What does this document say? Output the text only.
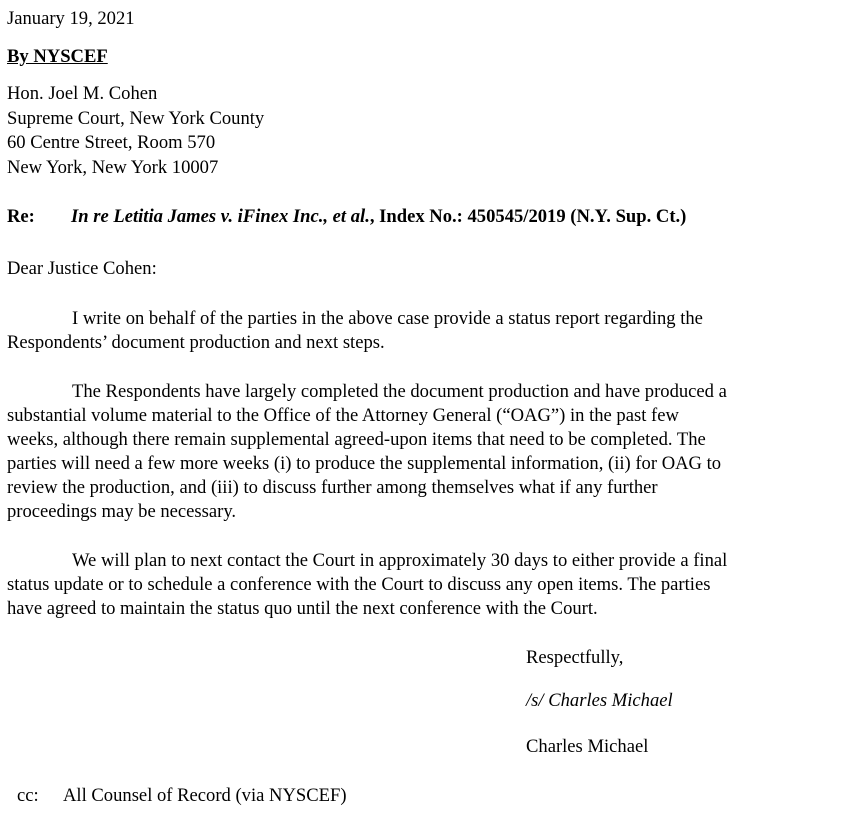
January 19, 2021
By NYSCEF
Hon. Joel M. Cohen
Supreme Court, New York County
60 Centre Street, Room 570
New York, New York 10007
Re: In re Letitia James v. iFinex Inc., et al., Index No.: 450545/2019 (N.Y. Sup. Ct.)
Dear Justice Cohen:
I write on behalf of the parties in the above case provide a status report regarding the
Respondents’ document production and next steps.
The Respondents have largely completed the document production and have produced a
substantial volume material to the Office of the Attorney General (“OAG”) in the past few
weeks, although there remain supplemental agreed-upon items that need to be completed. The
parties will need a few more weeks (i) to produce the supplemental information, (ii) for OAG to
review the production, and (iii) to discuss further among themselves what if any further
proceedings may be necessary.
We will plan to next contact the Court in approximately 30 days to either provide a final
status update or to schedule a conference with the Court to discuss any open items. The parties
have agreed to maintain the status quo until the next conference with the Court.
Respectfully,
/s/ Charles Michael
Charles Michael
cc: All Counsel of Record (via NYSCEF)
